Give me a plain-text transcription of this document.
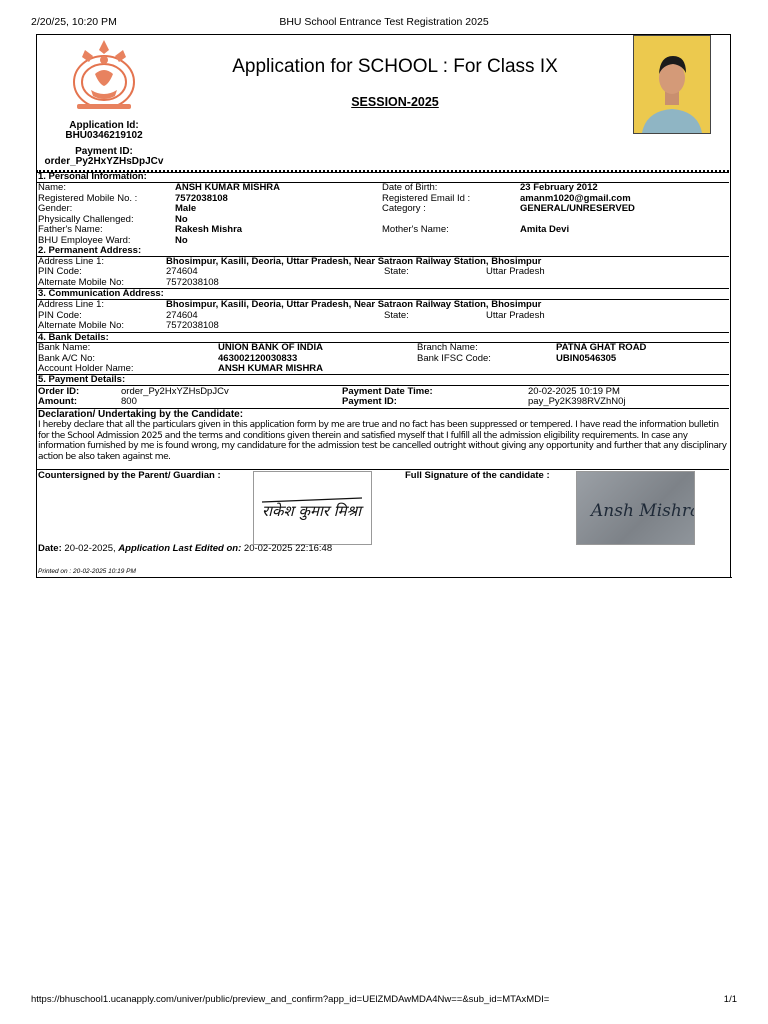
2/20/25, 10:20 PM	BHU School Entrance Test Registration 2025
https://bhuschool1.ucanapply.com/univer/public/preview_and_confirm?app_id=UElZMDAwMDA4Nw==&sub_id=MTAxMDI=	1/1
Application Id:
BHU0346219102
Payment ID:
order_Py2HxYZHsDpJCv
Application for SCHOOL : For Class IX
SESSION-2025
1. Personal Information:
Name:	ANSH KUMAR MISHRA	Date of Birth:	23 February 2012
Registered Mobile No. :	7572038108	Registered Email Id :	amanm1020@gmail.com
Gender:	Male	Category :	GENERAL/UNRESERVED
Physically Challenged:	No
Father's Name:	Rakesh Mishra	Mother's Name:	Amita Devi
BHU Employee Ward:	No
2. Permanent Address:
Address Line 1:	Bhosimpur, Kasili, Deoria, Uttar Pradesh, Near Satraon Railway Station, Bhosimpur
PIN Code:	274604	State:	Uttar Pradesh
Alternate Mobile No:	7572038108
3. Communication Address:
Address Line 1:	Bhosimpur, Kasili, Deoria, Uttar Pradesh, Near Satraon Railway Station, Bhosimpur
PIN Code:	274604	State:	Uttar Pradesh
Alternate Mobile No:	7572038108
4. Bank Details:
Bank Name:	UNION BANK OF INDIA	Branch Name:	PATNA GHAT ROAD
Bank A/C No:	463002120030833	Bank IFSC Code:	UBIN0546305
Account Holder Name:	ANSH KUMAR MISHRA
5. Payment Details:
Order ID:	order_Py2HxYZHsDpJCv	Payment Date Time:	20-02-2025 10:19 PM
Amount:	800	Payment ID:	pay_Py2K398RVZhN0j
Declaration/ Undertaking by the Candidate:
I hereby declare that all the particulars given in this application form by me are true and no fact has been suppressed or tempered. I have read the information bulletin for the School Admission 2025 and the terms and conditions given therein and satisfied myself that I fulfill all the admission eligibility requirements. In case any information furnished by me is found wrong, my candidature for the admission test be cancelled outright without giving any opportunity and further that any disciplinary action be also taken against me.
Countersigned by the Parent/ Guardian :
राकेश कुमार मिश्रा
Full Signature of the candidate :
Ansh Mishra
Date: 20-02-2025, Application Last Edited on: 20-02-2025 22:16:48
Printed on : 20-02-2025 10:19 PM
